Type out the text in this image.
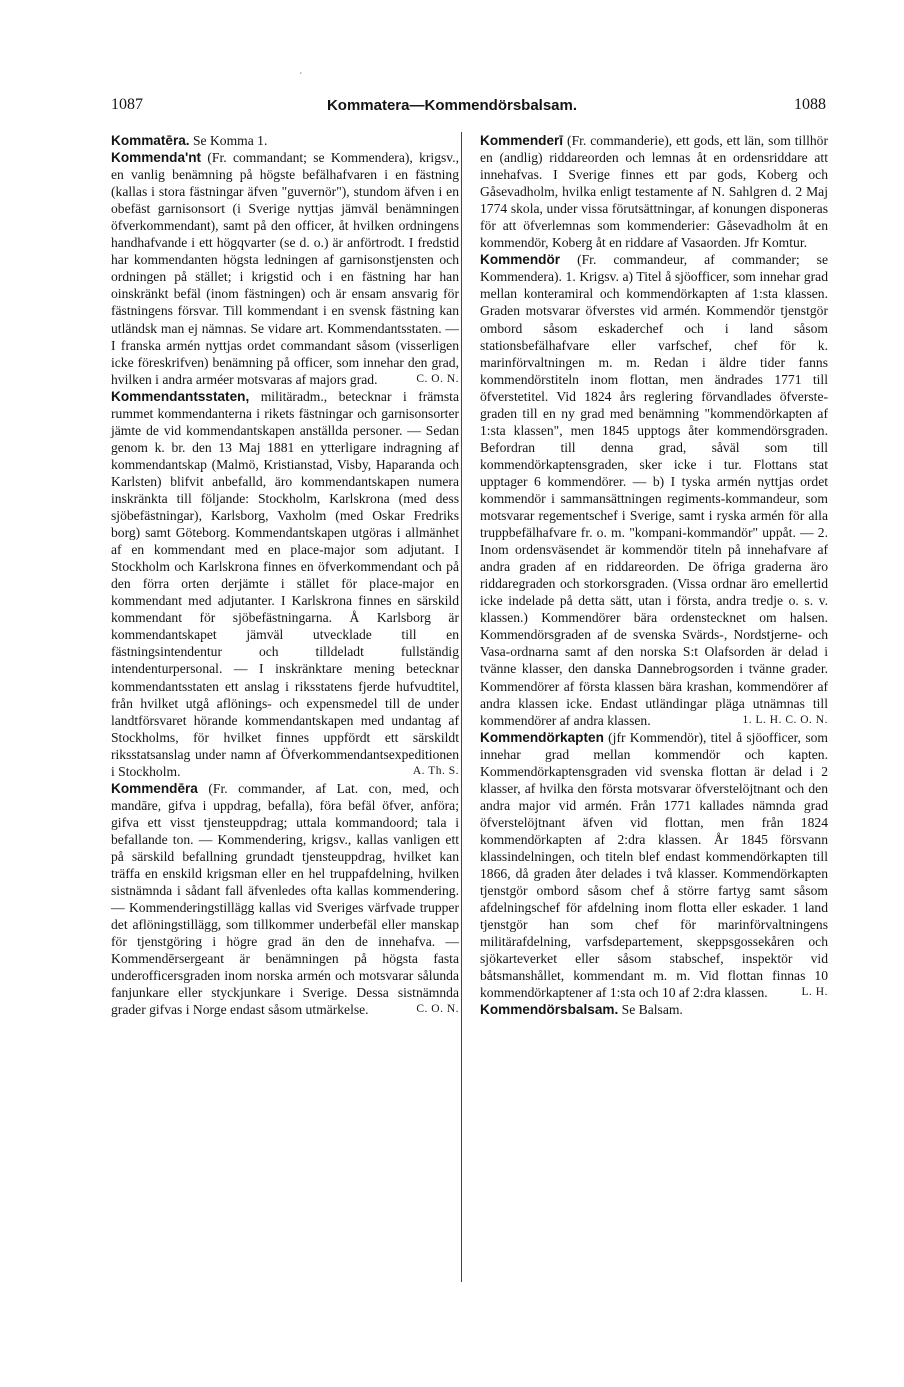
´
1087	Kommatera—Kommendörsbalsam.	1088

Kommatēra. Se Komma 1.

Kommenda'nt (Fr. commandant; se Kommendera), krigsv., en vanlig benämning på högste befälhafvaren i en fästning (kallas i stora fästningar äfven "guvernör"), stundom äfven i en obefäst garnisonsort (i Sverige nyttjas jämväl benämningen öfverkommendant), samt på den officer, åt hvilken ordningens handhafvande i ett högqvarter (se d. o.) är anförtrodt. I fredstid har kommendanten högsta ledningen af garnisonstjensten och ordningen på stället; i krigstid och i en fästning har han oinskränkt befäl (inom fästningen) och är ensam ansvarig för fästningens försvar. Till kommendant i en svensk fästning kan utländsk man ej nämnas. Se vidare art. Kommendantsstaten. — I franska armén nyttjas ordet commandant såsom (visserligen icke föreskrifven) benämning på officer, som innehar den grad, hvilken i andra arméer motsvaras af majors grad.	C. O. N.

Kommendantsstaten, militäradm., betecknar i främsta rummet kommendanterna i rikets fästningar och garnisonsorter jämte de vid kommendantskapen anställda personer. — Sedan genom k. br. den 13 Maj 1881 en ytterligare indragning af kommendantskap (Malmö, Kristianstad, Visby, Haparanda och Karlsten) blifvit anbefalld, äro kommendantskapen numera inskränkta till följande: Stockholm, Karlskrona (med dess sjöbefästningar), Karlsborg, Vaxholm (med Oskar Fredriks borg) samt Göteborg. Kommendantskapen utgöras i allmänhet af en kommendant med en place-major som adjutant. I Stockholm och Karlskrona finnes en öfverkommendant och på den förra orten derjämte i stället för place-major en kommendant med adjutanter. I Karlskrona finnes en särskild kommendant för sjöbefästningarna. Å Karlsborg är kommendantskapet jämväl utvecklade till en fästningsintendentur och tilldeladt fullständig intendenturpersonal. — I inskränktare mening betecknar kommendantsstaten ett anslag i riksstatens fjerde hufvudtitel, från hvilket utgå aflönings- och expensmedel till de under landtförsvaret hörande kommendantskapen med undantag af Stockholms, för hvilket finnes uppfördt ett särskildt riksstatsanslag under namn af Öfverkommendantsexpeditionen i Stockholm.	A. Th. S.

Kommendēra (Fr. commander, af Lat. con, med, och mandāre, gifva i uppdrag, befalla), föra befäl öfver, anföra; gifva ett visst tjensteuppdrag; uttala kommandoord; tala i befallande ton. — Kommendering, krigsv., kallas vanligen ett på särskild befallning grundadt tjensteuppdrag, hvilket kan träffa en enskild krigsman eller en hel truppafdelning, hvilken sistnämnda i sådant fall äfvenledes ofta kallas kommendering. — Kommenderingstillägg kallas vid Sveriges värfvade trupper det aflöningstillägg, som tillkommer underbefäl eller manskap för tjenstgöring i högre grad än den de innehafva. — Kommendērsergeant är benämningen på högsta fasta underofficersgraden inom norska armén och motsvarar sålunda fanjunkare eller styckjunkare i Sverige. Dessa sistnämnda grader gifvas i Norge endast såsom utmärkelse.	C. O. N.

Kommenderī (Fr. commanderie), ett gods, ett län, som tillhör en (andlig) riddareorden och lemnas åt en ordensriddare att innehafvas. I Sverige finnes ett par gods, Koberg och Gåsevadholm, hvilka enligt testamente af N. Sahlgren d. 2 Maj 1774 skola, under vissa förutsättningar, af konungen disponeras för att öfverlemnas som kommenderier: Gåsevadholm åt en kommendör, Koberg åt en riddare af Vasaorden. Jfr Komtur.

Kommendör (Fr. commandeur, af commander; se Kommendera). 1. Krigsv. a) Titel å sjöofficer, som innehar grad mellan konteramiral och kommendörkapten af 1:sta klassen. Graden motsvarar öfverstes vid armén. Kommendör tjenstgör ombord såsom eskaderchef och i land såsom stationsbefälhafvare eller varfschef, chef för k. marinförvaltningen m. m. Redan i äldre tider fanns kommendörstiteln inom flottan, men ändrades 1771 till öfverstetitel. Vid 1824 års reglering förvandlades öfverste-graden till en ny grad med benämning "kommendörkapten af 1:sta klassen", men 1845 upptogs åter kommendörsgraden. Befordran till denna grad, såväl som till kommendörkaptensgraden, sker icke i tur. Flottans stat upptager 6 kommendörer. — b) I tyska armén nyttjas ordet kommendör i sammansättningen regiments-kommandeur, som motsvarar regementschef i Sverige, samt i ryska armén för alla truppbefälhafvare fr. o. m. "kompani-kommandör" uppåt. — 2. Inom ordensväsendet är kommendör titeln på innehafvare af andra graden af en riddareorden. De öfriga graderna äro riddaregraden och storkorsgraden. (Vissa ordnar äro emellertid icke indelade på detta sätt, utan i första, andra tredje o. s. v. klassen.) Kommendörer bära ordenstecknet om halsen. Kommendörsgraden af de svenska Svärds-, Nordstjerne- och Vasa-ordnarna samt af den norska S:t Olafsorden är delad i tvänne klasser, den danska Dannebrogsorden i tvänne grader. Kommendörer af första klassen bära krashan, kommendörer af andra klassen icke. Endast utländingar pläga utnämnas till kommendörer af andra klassen.	1. L. H. C. O. N.

Kommendörkapten (jfr Kommendör), titel å sjöofficer, som innehar grad mellan kommendör och kapten. Kommendörkaptensgraden vid svenska flottan är delad i 2 klasser, af hvilka den första motsvarar öfverstelöjtnant och den andra major vid armén. Från 1771 kallades nämnda grad öfverstelöjtnant äfven vid flottan, men från 1824 kommendörkapten af 2:dra klassen. År 1845 försvann klassindelningen, och titeln blef endast kommendörkapten till 1866, då graden åter delades i två klasser. Kommendörkapten tjenstgör ombord såsom chef å större fartyg samt såsom afdelningschef för afdelning inom flotta eller eskader. 1 land tjenstgör han som chef för marinförvaltningens militärafdelning, varfsdepartement, skeppsgossekåren och sjökarteverket eller såsom stabschef, inspektör vid båtsmanshållet, kommendant m. m. Vid flottan finnas 10 kommendörkaptener af 1:sta och 10 af 2:dra klassen.	L. H.

Kommendörsbalsam. Se Balsam.
